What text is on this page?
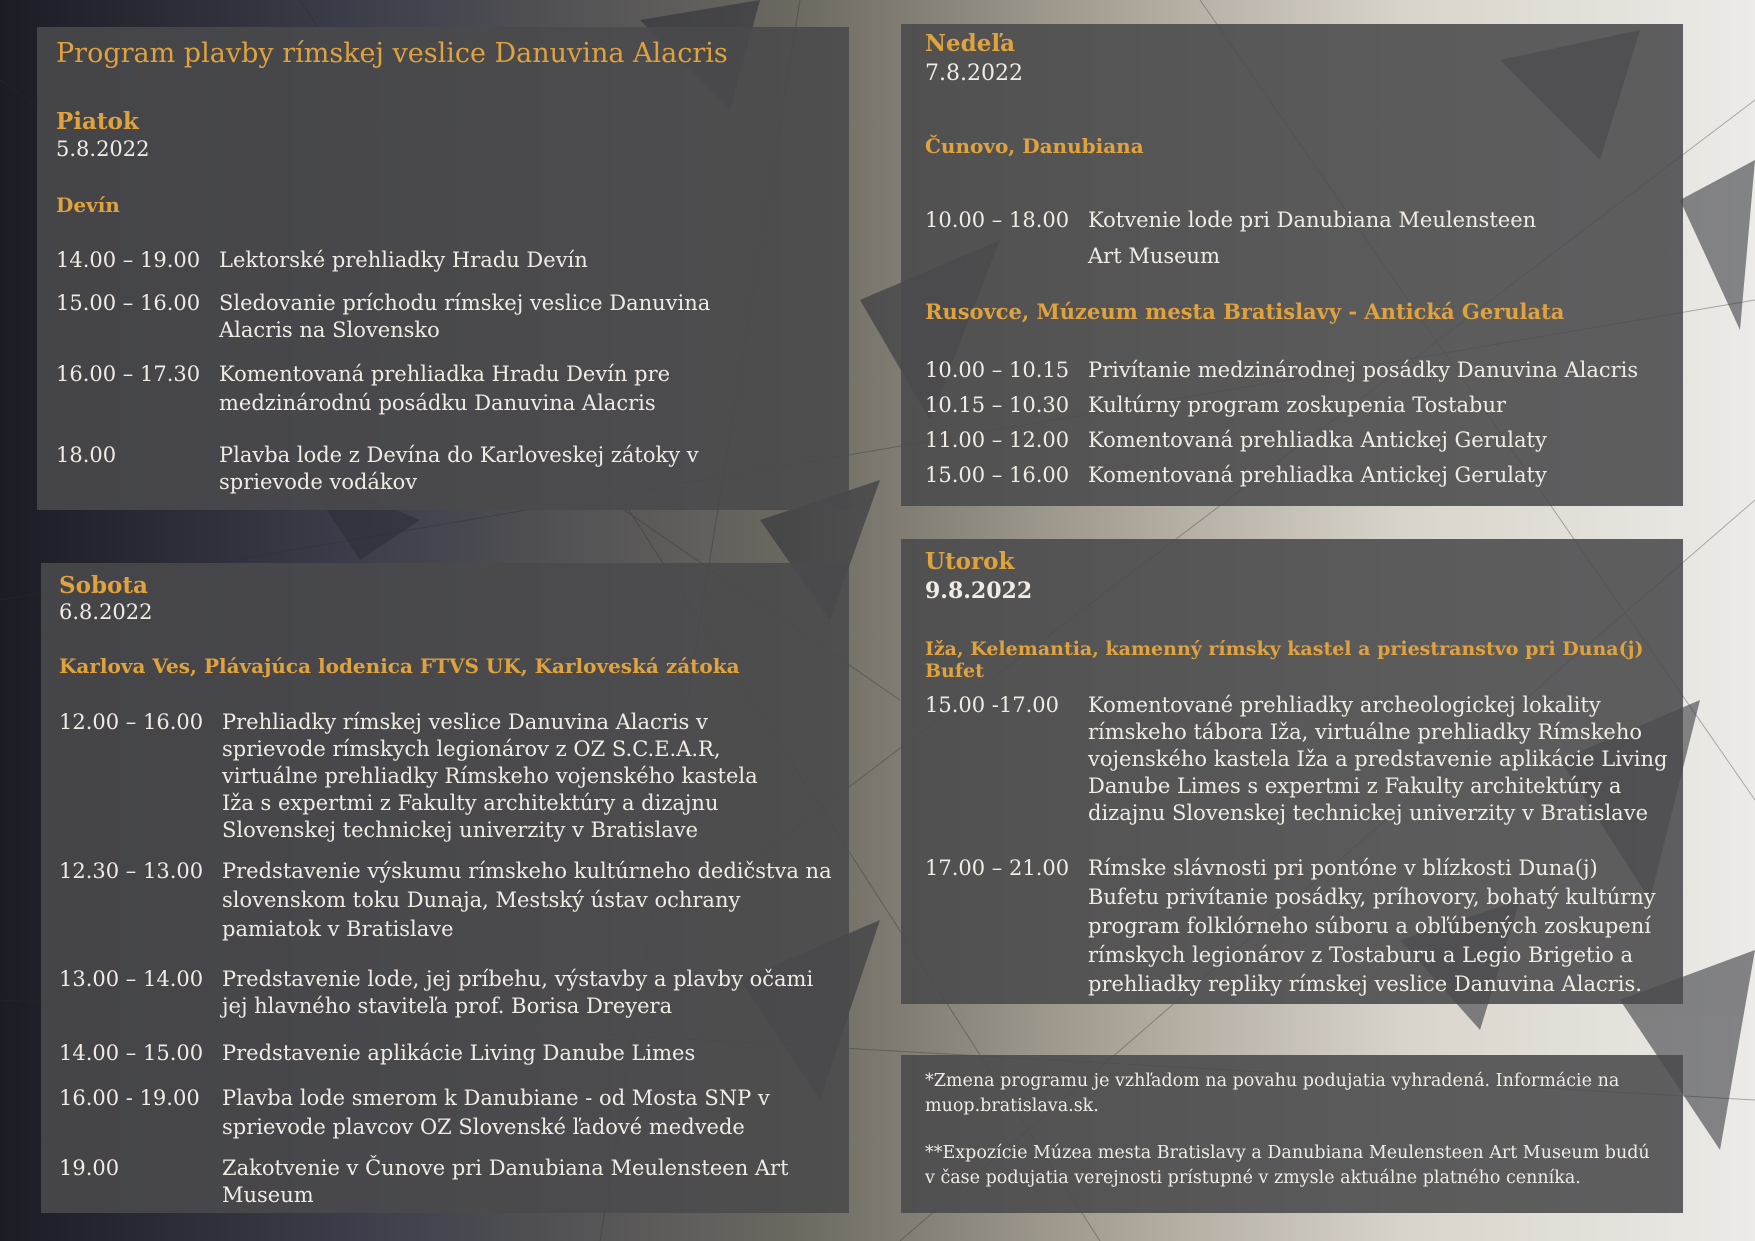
Program plavby rímskej veslice Danuvina Alacris
Piatok
5.8.2022
Devín
14.00 – 19.00 Lektorské prehliadky Hradu Devín
15.00 – 16.00 Sledovanie príchodu rímskej veslice Danuvina Alacris na Slovensko
16.00 – 17.30 Komentovaná prehliadka Hradu Devín pre medzinárodnú posádku Danuvina Alacris
18.00	Plavba lode z Devína do Karloveskej zátoky v sprievode vodákov
Sobota
6.8.2022
Karlova Ves, Plávajúca lodenica FTVS UK, Karloveská zátoka
12.00 – 16.00 Prehliadky rímskej veslice Danuvina Alacris v sprievode rímskych legionárov z OZ S.C.E.A.R, virtuálne prehliadky Rímskeho vojenského kastela Iža s expertmi z Fakulty architektúry a dizajnu Slovenskej technickej univerzity v Bratislave
12.30 – 13.00 Predstavenie výskumu rímskeho kultúrneho dedičstva na slovenskom toku Dunaja, Mestský ústav ochrany pamiatok v Bratislave
13.00 – 14.00 Predstavenie lode, jej príbehu, výstavby a plavby očami jej hlavného staviteľa prof. Borisa Dreyera
14.00 – 15.00 Predstavenie aplikácie Living Danube Limes
16.00 - 19.00	Plavba lode smerom k Danubiane - od Mosta SNP v sprievode plavcov OZ Slovenské ľadové medvede
19.00	Zakotvenie v Čunove pri Danubiana Meulensteen Art Museum
Nedeľa
7.8.2022
Čunovo, Danubiana
10.00 – 18.00 Kotvenie lode pri Danubiana Meulensteen Art Museum
Rusovce, Múzeum mesta Bratislavy - Antická Gerulata
10.00 – 10.15 Privítanie medzinárodnej posádky Danuvina Alacris
10.15 – 10.30 Kultúrny program zoskupenia Tostabur
11.00 – 12.00 Komentovaná prehliadka Antickej Gerulaty
15.00 – 16.00 Komentovaná prehliadka Antickej Gerulaty
Utorok
9.8.2022
Iža, Kelemantia, kamenný rímsky kastel a priestranstvo pri Duna(j) Bufet
15.00 -17.00	Komentované prehliadky archeologickej lokality rímskeho tábora Iža, virtuálne prehliadky Rímskeho vojenského kastela Iža a predstavenie aplikácie Living Danube Limes s expertmi z Fakulty architektúry a dizajnu Slovenskej technickej univerzity v Bratislave
17.00 – 21.00 Rímske slávnosti pri pontóne v blízkosti Duna(j) Bufetu privítanie posádky, príhovory, bohatý kultúrny program folklórneho súboru a obľúbených zoskupení rímskych legionárov z Tostaburu a Legio Brigetio a prehliadky repliky rímskej veslice Danuvina Alacris.
*Zmena programu je vzhľadom na povahu podujatia vyhradená. Informácie na muop.bratislava.sk.
**Expozície Múzea mesta Bratislavy a Danubiana Meulensteen Art Museum budú v čase podujatia verejnosti prístupné v zmysle aktuálne platného cenníka.
